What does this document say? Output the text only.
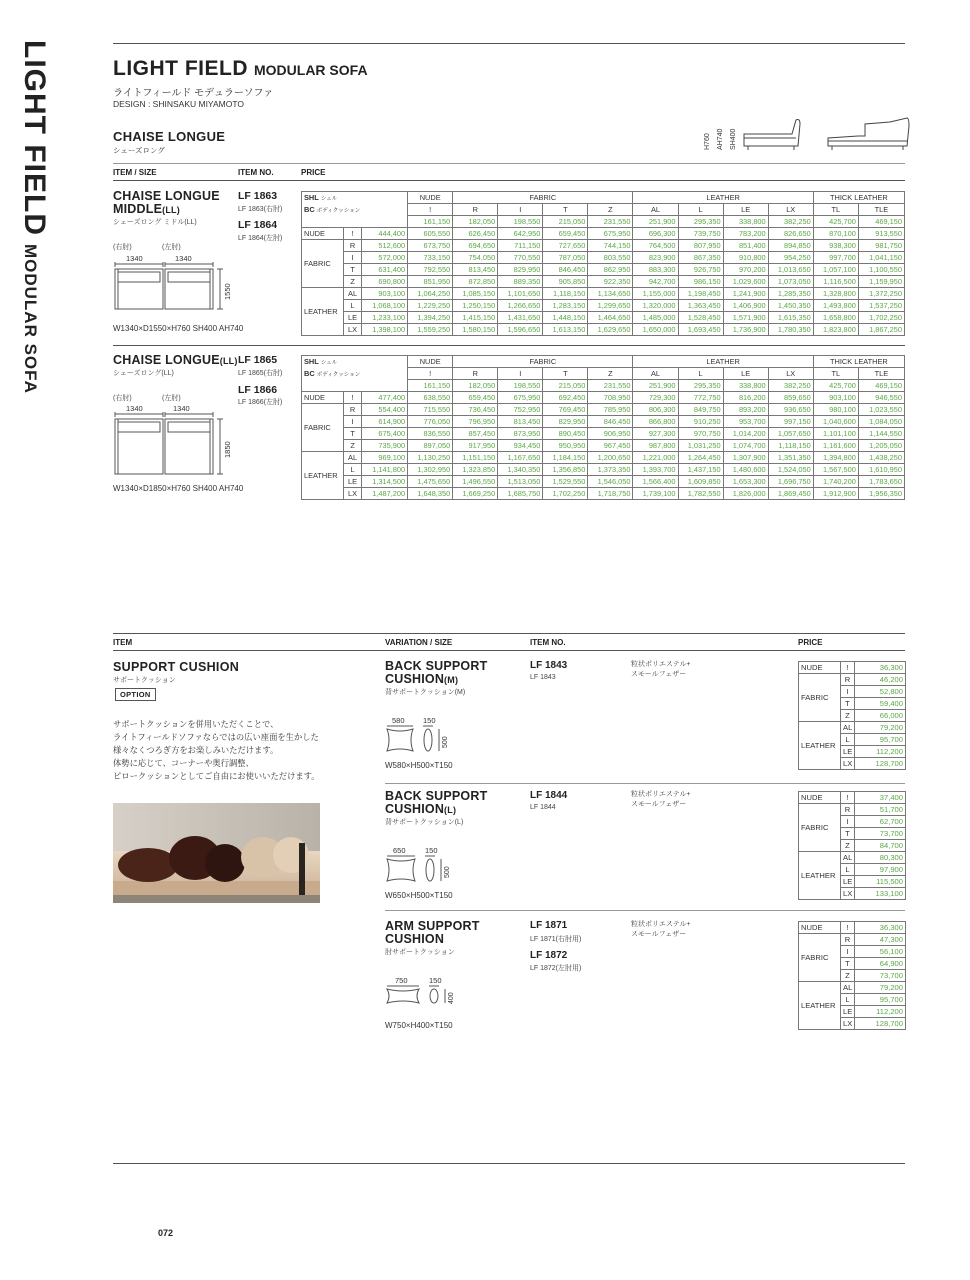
LIGHT FIELDMODULAR SOFA
LIGHT FIELD MODULAR SOFA
ライトフィールド モデュラーソファ
DESIGN : SHINSAKU MIYAMOTO
CHAISE LONGUE
シェーズロング
H760 AH740 SH400
ITEM / SIZE	ITEM NO.	PRICE
CHAISE LONGUE
MIDDLE(LL)
シェーズロング ミドル(LL)
LF 1863
LF 1863(右肘)
LF 1864
LF 1864(左肘)
(右肘)	(左肘)
1340	1340
1550
W1340×D1550×H760 SH400 AH740
SHL シェル			NUDE	FABRIC				LEATHER				THICK LEATHER	
BC ボディクッション			!	R	I	T	Z	AL	L	LE	LX	TL	TLE
			161,150	182,050	198,550	215,050	231,550	251,900	295,350	338,800	382,250	425,700	469,150
NUDE	!	444,400	605,550	626,450	642,950	659,450	675,950	696,300	739,750	783,200	826,650	870,100	913,550
FABRIC	R	512,600	673,750	694,650	711,150	727,650	744,150	764,500	807,950	851,400	894,850	938,300	981,750
	I	572,000	733,150	754,050	770,550	787,050	803,550	823,900	867,350	910,800	954,250	997,700	1,041,150
	T	631,400	792,550	813,450	829,950	846,450	862,950	883,300	926,750	970,200	1,013,650	1,057,100	1,100,550
	Z	690,800	851,950	872,850	889,350	905,850	922,350	942,700	986,150	1,029,600	1,073,050	1,116,500	1,159,950
LEATHER	AL	903,100	1,064,250	1,085,150	1,101,650	1,118,150	1,134,650	1,155,000	1,198,450	1,241,900	1,285,350	1,328,800	1,372,250
	L	1,068,100	1,229,250	1,250,150	1,266,650	1,283,150	1,299,650	1,320,000	1,363,450	1,406,900	1,450,350	1,493,800	1,537,250
	LE	1,233,100	1,394,250	1,415,150	1,431,650	1,448,150	1,464,650	1,485,000	1,528,450	1,571,900	1,615,350	1,658,800	1,702,250
	LX	1,398,100	1,559,250	1,580,150	1,596,650	1,613,150	1,629,650	1,650,000	1,693,450	1,736,900	1,780,350	1,823,800	1,867,250
CHAISE LONGUE(LL)
シェーズロング(LL)
LF 1865
LF 1865(右肘)
LF 1866
LF 1866(左肘)
(右肘)	(左肘)
1340	1340
1850
W1340×D1850×H760 SH400 AH740
SHL シェル			NUDE	FABRIC				LEATHER				THICK LEATHER	
BC ボディクッション			!	R	I	T	Z	AL	L	LE	LX	TL	TLE
			161,150	182,050	198,550	215,050	231,550	251,900	295,350	338,800	382,250	425,700	469,150
NUDE	!	477,400	638,550	659,450	675,950	692,450	708,950	729,300	772,750	816,200	859,650	903,100	946,550
FABRIC	R	554,400	715,550	736,450	752,950	769,450	785,950	806,300	849,750	893,200	936,650	980,100	1,023,550
	I	614,900	776,050	796,950	813,450	829,950	846,450	866,800	910,250	953,700	997,150	1,040,600	1,084,050
	T	675,400	836,550	857,450	873,950	890,450	906,950	927,300	970,750	1,014,200	1,057,650	1,101,100	1,144,550
	Z	735,900	897,050	917,950	934,450	950,950	967,450	987,800	1,031,250	1,074,700	1,118,150	1,161,600	1,205,050
LEATHER	AL	969,100	1,130,250	1,151,150	1,167,650	1,184,150	1,200,650	1,221,000	1,264,450	1,307,900	1,351,350	1,394,800	1,438,250
	L	1,141,800	1,302,950	1,323,850	1,340,350	1,356,850	1,373,350	1,393,700	1,437,150	1,480,600	1,524,050	1,567,500	1,610,950
	LE	1,314,500	1,475,650	1,496,550	1,513,050	1,529,550	1,546,050	1,566,400	1,609,850	1,653,300	1,696,750	1,740,200	1,783,650
	LX	1,487,200	1,648,350	1,669,250	1,685,750	1,702,250	1,718,750	1,739,100	1,782,550	1,826,000	1,869,450	1,912,900	1,956,350
ITEM	VARIATION / SIZE	ITEM NO.	PRICE
SUPPORT CUSHION
サポートクッション
OPTION
サポートクッションを併用いただくことで、
ライトフィールドソファならではの広い座面を生かした
様々なくつろぎ方をお楽しみいただけます。
体勢に応じて、コーナーや奥行調整、
ピロークッションとしてご自由にお使いいただけます。
BACK SUPPORT
CUSHION(M)
背サポートクッション(M)
LF 1843
LF 1843
粒状ポリエステル+
スモールフェザー
580 150
500
W580×H500×T150
NUDE	!	36,300
FABRIC	R	46,200
	I	52,800
	T	59,400
	Z	66,000
LEATHER	AL	79,200
	L	95,700
	LE	112,200
	LX	128,700
BACK SUPPORT
CUSHION(L)
背サポートクッション(L)
LF 1844
LF 1844
粒状ポリエステル+
スモールフェザー
650	150
500
W650×H500×T150
NUDE	!	37,400
FABRIC	R	51,700
	I	62,700
	T	73,700
	Z	84,700
LEATHER	AL	80,300
	L	97,900
	LE	115,500
	LX	133,100
ARM SUPPORT
CUSHION
肘サポートクッション
LF 1871
LF 1871(右肘用)
LF 1872
LF 1872(左肘用)
粒状ポリエステル+
スモールフェザー
750	150
400
W750×H400×T150
NUDE	!	36,300
FABRIC	R	47,300
	I	56,100
	T	64,900
	Z	73,700
LEATHER	AL	79,200
	L	95,700
	LE	112,200
	LX	128,700
072
